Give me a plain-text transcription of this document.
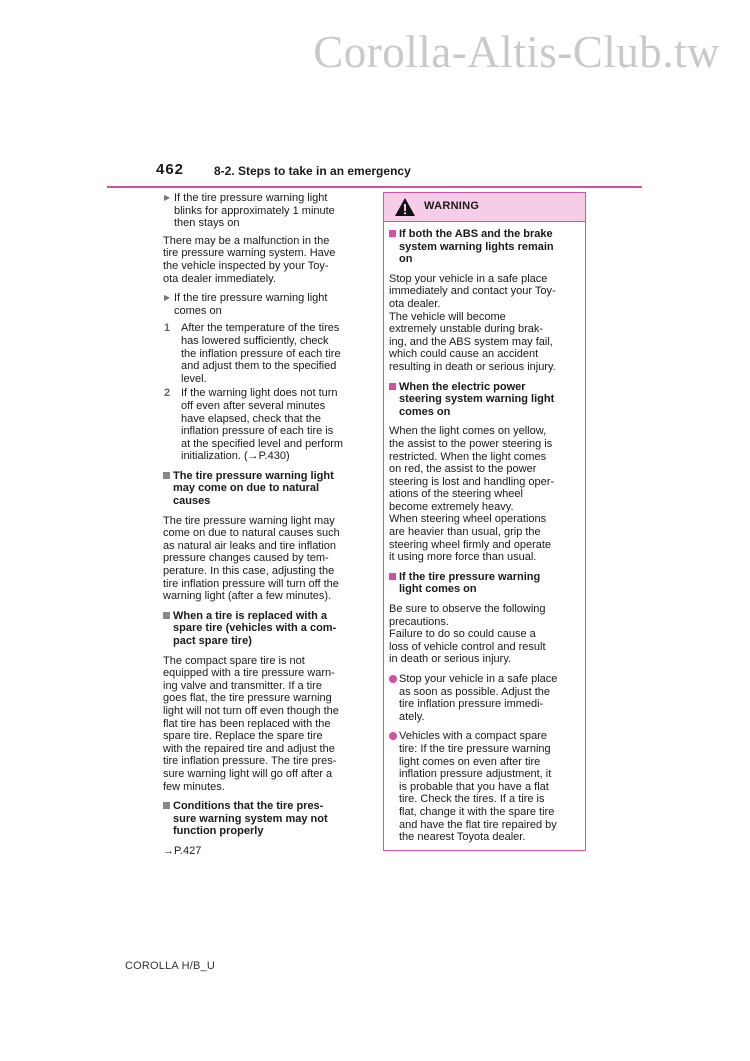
Corolla-Altis-Club.tw
462 8-2. Steps to take in an emergency
▶ If the tire pressure warning light
blinks for approximately 1 minute
then stays on

There may be a malfunction in the
tire pressure warning system. Have
the vehicle inspected by your Toy-
ota dealer immediately.

▶ If the tire pressure warning light
comes on
1 After the temperature of the tires
has lowered sufficiently, check
the inflation pressure of each tire
and adjust them to the specified
level.
2 If the warning light does not turn
off even after several minutes
have elapsed, check that the
inflation pressure of each tire is
at the specified level and perform
initialization. (→P.430)
The tire pressure warning light
may come on due to natural
causes

The tire pressure warning light may
come on due to natural causes such
as natural air leaks and tire inflation
pressure changes caused by tem-
perature. In this case, adjusting the
tire inflation pressure will turn off the
warning light (after a few minutes).

When a tire is replaced with a
spare tire (vehicles with a com-
pact spare tire)

The compact spare tire is not
equipped with a tire pressure warn-
ing valve and transmitter. If a tire
goes flat, the tire pressure warning
light will not turn off even though the
flat tire has been replaced with the
spare tire. Replace the spare tire
with the repaired tire and adjust the
tire inflation pressure. The tire pres-
sure warning light will go off after a
few minutes.

Conditions that the tire pres-
sure warning system may not
function properly

→P.427

WARNING
If both the ABS and the brake
system warning lights remain
on

Stop your vehicle in a safe place
immediately and contact your Toy-
ota dealer.
The vehicle will become
extremely unstable during brak-
ing, and the ABS system may fail,
which could cause an accident
resulting in death or serious injury.

When the electric power
steering system warning light
comes on

When the light comes on yellow,
the assist to the power steering is
restricted. When the light comes
on red, the assist to the power
steering is lost and handling oper-
ations of the steering wheel
become extremely heavy.
When steering wheel operations
are heavier than usual, grip the
steering wheel firmly and operate
it using more force than usual.

If the tire pressure warning
light comes on

Be sure to observe the following
precautions.
Failure to do so could cause a
loss of vehicle control and result
in death or serious injury.

Stop your vehicle in a safe place
as soon as possible. Adjust the
tire inflation pressure immedi-
ately.
Vehicles with a compact spare
tire: If the tire pressure warning
light comes on even after tire
inflation pressure adjustment, it
is probable that you have a flat
tire. Check the tires. If a tire is
flat, change it with the spare tire
and have the flat tire repaired by
the nearest Toyota dealer.
COROLLA H/B_U
